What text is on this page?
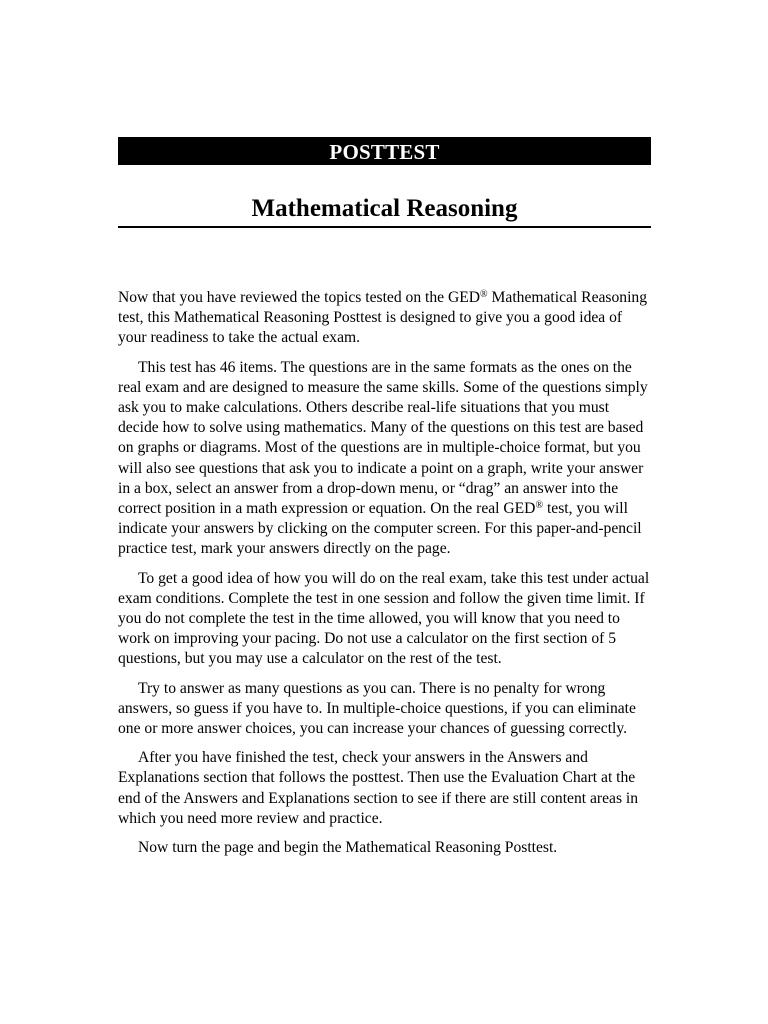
POSTTEST
Mathematical Reasoning

Now that you have reviewed the topics tested on the GED® Mathematical Reasoning test, this Mathematical Reasoning Posttest is designed to give you a good idea of your readiness to take the actual exam.

This test has 46 items. The questions are in the same formats as the ones on the real exam and are designed to measure the same skills. Some of the questions simply ask you to make calculations. Others describe real-life situations that you must decide how to solve using mathematics. Many of the questions on this test are based on graphs or diagrams. Most of the questions are in multiple-choice format, but you will also see questions that ask you to indicate a point on a graph, write your answer in a box, select an answer from a drop-down menu, or “drag” an answer into the correct position in a math expression or equation. On the real GED® test, you will indicate your answers by clicking on the computer screen. For this paper-and-pencil practice test, mark your answers directly on the page.

To get a good idea of how you will do on the real exam, take this test under actual exam conditions. Complete the test in one session and follow the given time limit. If you do not complete the test in the time allowed, you will know that you need to work on improving your pacing. Do not use a calculator on the first section of 5 questions, but you may use a calculator on the rest of the test.

Try to answer as many questions as you can. There is no penalty for wrong answers, so guess if you have to. In multiple-choice questions, if you can eliminate one or more answer choices, you can increase your chances of guessing correctly.

After you have finished the test, check your answers in the Answers and Explanations section that follows the posttest. Then use the Evaluation Chart at the end of the Answers and Explanations section to see if there are still content areas in which you need more review and practice.

Now turn the page and begin the Mathematical Reasoning Posttest.
